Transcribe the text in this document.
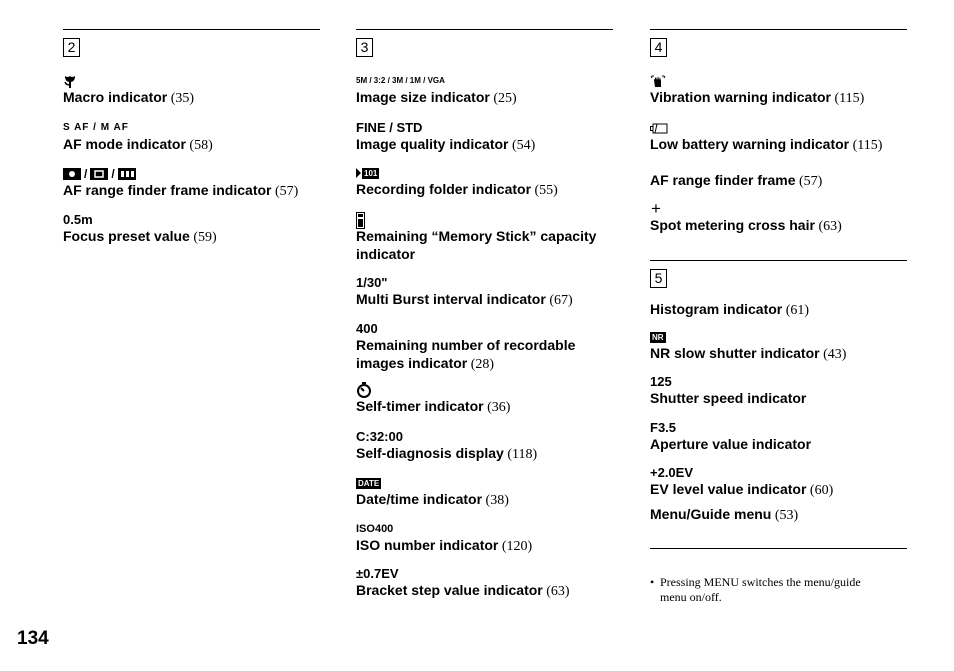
2
Macro indicator (35)
S AF / M AF
AF mode indicator (58)
/ /
AF range finder frame indicator (57)
0.5m
Focus preset value (59)
3
5M / 3:2 / 3M / 1M / VGA
Image size indicator (25)
FINE / STD
Image quality indicator (54)
101
Recording folder indicator (55)
Remaining “Memory Stick” capacity indicator
1/30"
Multi Burst interval indicator (67)
400
Remaining number of recordable images indicator (28)
Self-timer indicator (36)
C:32:00
Self-diagnosis display (118)
DATE
Date/time indicator (38)
ISO400
ISO number indicator (120)
±0.7EV
Bracket step value indicator (63)
4
Vibration warning indicator (115)
Low battery warning indicator (115)
AF range finder frame (57)
+
Spot metering cross hair (63)
5
Histogram indicator (61)
NR
NR slow shutter indicator (43)
125
Shutter speed indicator
F3.5
Aperture value indicator
+2.0EV
EV level value indicator (60)
Menu/Guide menu (53)
• Pressing MENU switches the menu/guide menu on/off.
134
